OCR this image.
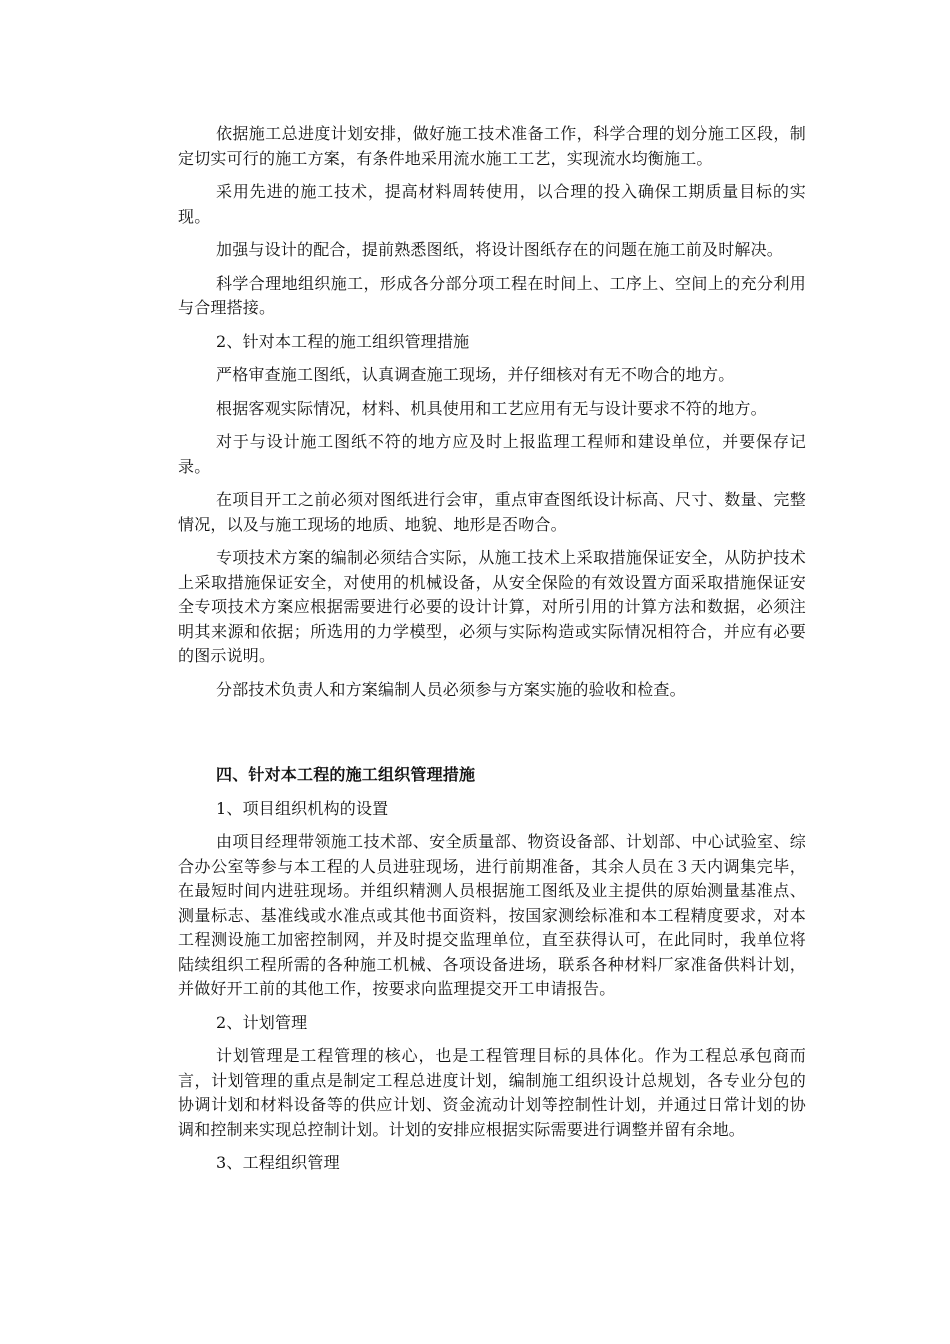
依据施工总进度计划安排，做好施工技术准备工作，科学合理的划分施工区段，制定切实可行的施工方案，有条件地采用流水施工工艺，实现流水均衡施工。

采用先进的施工技术，提高材料周转使用，以合理的投入确保工期质量目标的实现。

加强与设计的配合，提前熟悉图纸，将设计图纸存在的问题在施工前及时解决。

科学合理地组织施工，形成各分部分项工程在时间上、工序上、空间上的充分利用与合理搭接。

2、针对本工程的施工组织管理措施

严格审查施工图纸，认真调查施工现场，并仔细核对有无不吻合的地方。

根据客观实际情况，材料、机具使用和工艺应用有无与设计要求不符的地方。

对于与设计施工图纸不符的地方应及时上报监理工程师和建设单位，并要保存记录。

在项目开工之前必须对图纸进行会审，重点审查图纸设计标高、尺寸、数量、完整情况，以及与施工现场的地质、地貌、地形是否吻合。

专项技术方案的编制必须结合实际，从施工技术上采取措施保证安全，从防护技术上采取措施保证安全，对使用的机械设备，从安全保险的有效设置方面采取措施保证安全专项技术方案应根据需要进行必要的设计计算，对所引用的计算方法和数据，必须注明其来源和依据；所选用的力学模型，必须与实际构造或实际情况相符合，并应有必要的图示说明。

分部技术负责人和方案编制人员必须参与方案实施的验收和检查。

四、针对本工程的施工组织管理措施

1、项目组织机构的设置

由项目经理带领施工技术部、安全质量部、物资设备部、计划部、中心试验室、综合办公室等参与本工程的人员进驻现场，进行前期准备，其余人员在３天内调集完毕，在最短时间内进驻现场。并组织精测人员根据施工图纸及业主提供的原始测量基准点、测量标志、基准线或水准点或其他书面资料，按国家测绘标准和本工程精度要求，对本工程测设施工加密控制网，并及时提交监理单位，直至获得认可，在此同时，我单位将陆续组织工程所需的各种施工机械、各项设备进场，联系各种材料厂家准备供料计划，并做好开工前的其他工作，按要求向监理提交开工申请报告。

2、计划管理

计划管理是工程管理的核心，也是工程管理目标的具体化。作为工程总承包商而言，计划管理的重点是制定工程总进度计划，编制施工组织设计总规划，各专业分包的协调计划和材料设备等的供应计划、资金流动计划等控制性计划，并通过日常计划的协调和控制来实现总控制计划。计划的安排应根据实际需要进行调整并留有余地。

3、工程组织管理
